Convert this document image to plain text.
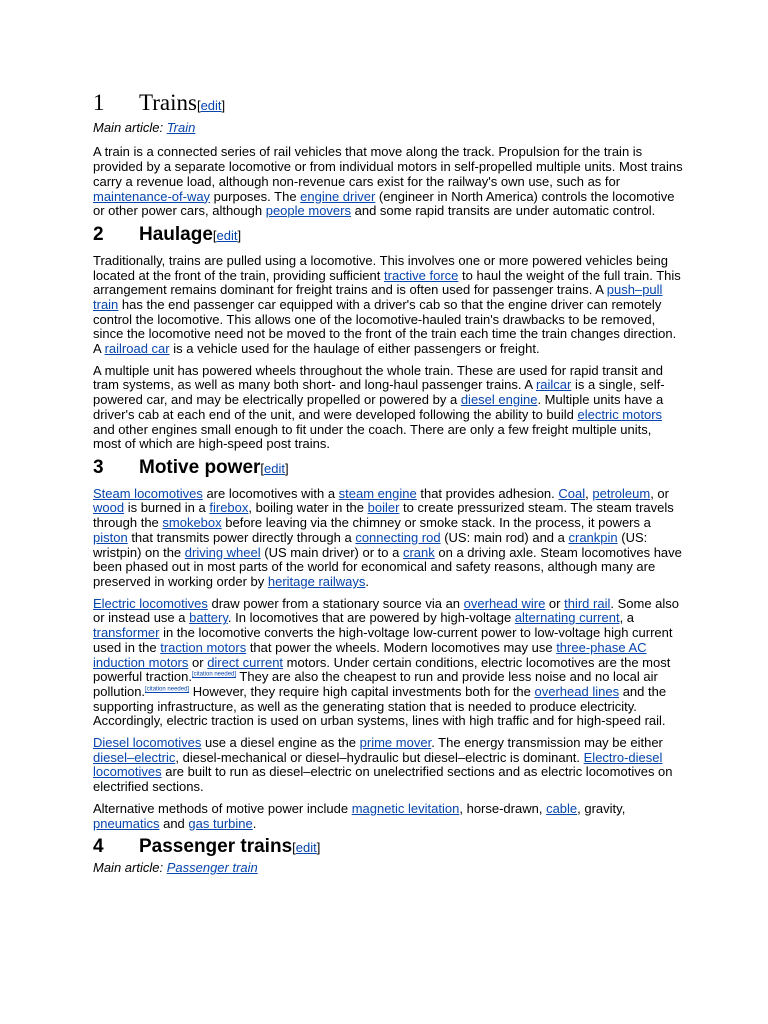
1	Trains [edit]
Main article: Train

A train is a connected series of rail vehicles that move along the track. Propulsion for the train is provided by a separate locomotive or from individual motors in self-propelled multiple units. Most trains carry a revenue load, although non-revenue cars exist for the railway's own use, such as for maintenance-of-way purposes. The engine driver (engineer in North America) controls the locomotive or other power cars, although people movers and some rapid transits are under automatic control.

2	Haulage [edit]

Traditionally, trains are pulled using a locomotive. This involves one or more powered vehicles being located at the front of the train, providing sufficient tractive force to haul the weight of the full train. This arrangement remains dominant for freight trains and is often used for passenger trains. A push–pull train has the end passenger car equipped with a driver's cab so that the engine driver can remotely control the locomotive. This allows one of the locomotive-hauled train's drawbacks to be removed, since the locomotive need not be moved to the front of the train each time the train changes direction. A railroad car is a vehicle used for the haulage of either passengers or freight.

A multiple unit has powered wheels throughout the whole train. These are used for rapid transit and tram systems, as well as many both short- and long-haul passenger trains. A railcar is a single, self-powered car, and may be electrically propelled or powered by a diesel engine. Multiple units have a driver's cab at each end of the unit, and were developed following the ability to build electric motors and other engines small enough to fit under the coach. There are only a few freight multiple units, most of which are high-speed post trains.

3	Motive power [edit]

Steam locomotives are locomotives with a steam engine that provides adhesion. Coal, petroleum, or wood is burned in a firebox, boiling water in the boiler to create pressurized steam. The steam travels through the smokebox before leaving via the chimney or smoke stack. In the process, it powers a piston that transmits power directly through a connecting rod (US: main rod) and a crankpin (US: wristpin) on the driving wheel (US main driver) or to a crank on a driving axle. Steam locomotives have been phased out in most parts of the world for economical and safety reasons, although many are preserved in working order by heritage railways.

Electric locomotives draw power from a stationary source via an overhead wire or third rail. Some also or instead use a battery. In locomotives that are powered by high-voltage alternating current, a transformer in the locomotive converts the high-voltage low-current power to low-voltage high current used in the traction motors that power the wheels. Modern locomotives may use three-phase AC induction motors or direct current motors. Under certain conditions, electric locomotives are the most powerful traction.[citation needed] They are also the cheapest to run and provide less noise and no local air pollution.[citation needed] However, they require high capital investments both for the overhead lines and the supporting infrastructure, as well as the generating station that is needed to produce electricity. Accordingly, electric traction is used on urban systems, lines with high traffic and for high-speed rail.

Diesel locomotives use a diesel engine as the prime mover. The energy transmission may be either diesel–electric, diesel-mechanical or diesel–hydraulic but diesel–electric is dominant. Electro-diesel locomotives are built to run as diesel–electric on unelectrified sections and as electric locomotives on electrified sections.

Alternative methods of motive power include magnetic levitation, horse-drawn, cable, gravity, pneumatics and gas turbine.

4	Passenger trains [edit]
Main article: Passenger train
